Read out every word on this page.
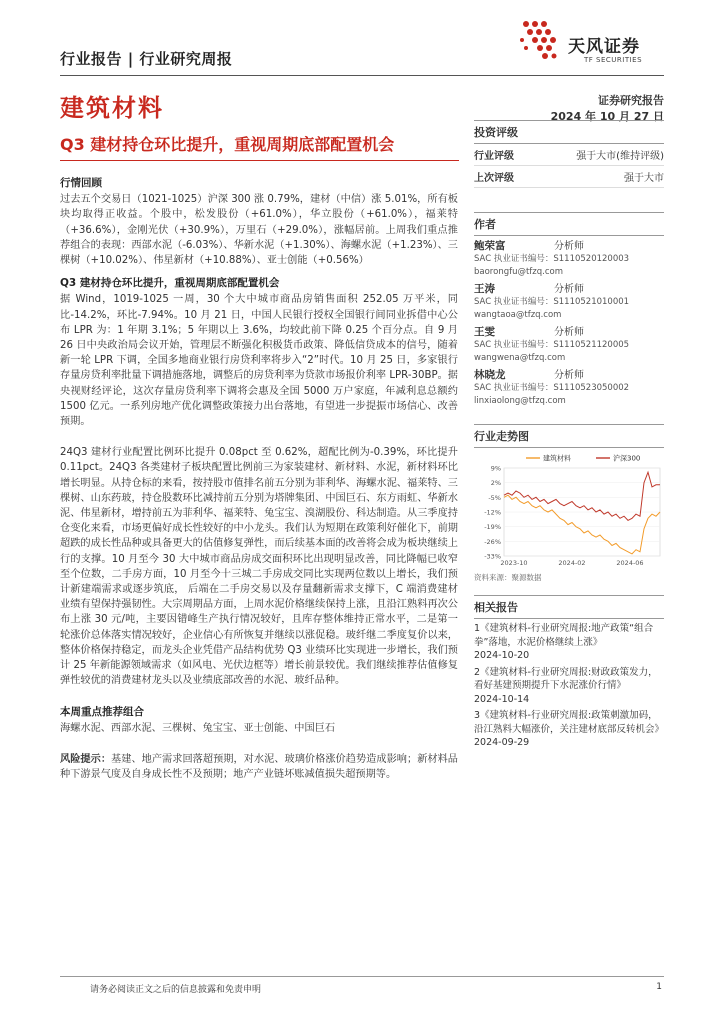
行业报告 | 行业研究周报
天风证券
TF SECURITIES
建筑材料	证券研究报告
2024 年 10 月 27 日
Q3 建材持仓环比提升，重视周期底部配置机会
行情回顾

过去五个交易日（1021-1025）沪深 300 涨 0.79%，建材（中信）涨 5.01%，所有板块均取得正收益。个股中，松发股份（+61.0%），华立股份（+61.0%），福莱特（+36.6%），金刚光伏（+30.9%），万里石（+29.0%），涨幅居前。上周我们重点推荐组合的表现：西部水泥（-6.03%）、华新水泥（+1.30%）、海螺水泥（+1.23%）、三棵树（+10.02%）、伟星新材（+10.88%）、亚士创能（+0.56%）

Q3 建材持仓环比提升，重视周期底部配置机会

据 Wind，1019-1025 一周，30 个大中城市商品房销售面积 252.05 万平米，同比-14.2%，环比-7.94%。10 月 21 日，中国人民银行授权全国银行间同业拆借中心公布 LPR 为：1 年期 3.1%；5 年期以上 3.6%，均较此前下降 0.25 个百分点。自 9 月 26 日中央政治局会议开始，管理层不断强化积极货币政策、降低信贷成本的信号，随着新一轮 LPR 下调，全国多地商业银行房贷利率将步入“2”时代。10 月 25 日，多家银行存量房贷利率批量下调措施落地，调整后的房贷利率为贷款市场报价利率 LPR-30BP。据央视财经评论，这次存量房贷利率下调将会惠及全国 5000 万户家庭，年减利息总额约 1500 亿元。一系列房地产优化调整政策接力出台落地，有望进一步提振市场信心、改善预期。

24Q3 建材行业配置比例环比提升 0.08pct 至 0.62%，超配比例为-0.39%，环比提升 0.11pct。24Q3 各类建材子板块配置比例前三为家装建材、新材料、水泥，新材料环比增长明显。从持仓标的来看，按持股市值排名前五分别为菲利华、海螺水泥、福莱特、三棵树、山东药玻，持仓股数环比减持前五分别为塔牌集团、中国巨石、东方雨虹、华新水泥、伟星新材，增持前五为菲利华、福莱特、兔宝宝、溴湖股份、科达制造。从三季度持仓变化来看，市场更偏好成长性较好的中小龙头。我们认为短期在政策利好催化下，前期超跌的成长性品种或具备更大的估值修复弹性，而后续基本面的改善将会成为板块继续上行的支撑。10 月至今 30 大中城市商品房成交面积环比出现明显改善，同比降幅已收窄至个位数，二手房方面，10 月至今十三城二手房成交同比实现两位数以上增长，我们预计新建端需求或逐步筑底， 后端在二手房交易以及存量翻新需求支撑下，C 端消费建材业绩有望保持强韧性。大宗周期品方面，上周水泥价格继续保持上涨，且沿江熟料再次公布上涨 30 元/吨，主要因错峰生产执行情况较好，且库存整体维持正常水平，二是第一轮涨价总体落实情况较好，企业信心有所恢复并继续以涨促稳。玻纤继二季度复价以来，整体价格保持稳定，而龙头企业凭借产品结构优势 Q3 业绩环比实现进一步增长，我们预计 25 年新能源领域需求（如风电、光伏边框等）增长前景较优。我们继续推荐估值修复弹性较优的消费建材龙头以及业绩底部改善的水泥、玻纤品种。

本周重点推荐组合

海螺水泥、西部水泥、三棵树、兔宝宝、亚士创能、中国巨石

风险提示：基建、地产需求回落超预期，对水泥、玻璃价格涨价趋势造成影响；新材料品种下游景气度及自身成长性不及预期；地产产业链坏账减值损失超预期等。

投资评级
行业评级	强于大市(维持评级)
上次评级	强于大市
作者
鲍荣富	分析师
SAC 执业证书编号：S1110520120003
baorongfu@tfzq.com
王涛	分析师
SAC 执业证书编号：S1110521010001
wangtaoa@tfzq.com
王雯	分析师
SAC 执业证书编号：S1110521120005
wangwena@tfzq.com
林晓龙	分析师
SAC 执业证书编号：S1110523050002
linxiaolong@tfzq.com
行业走势图
9%
2%
-5%
-12%
-19%
-26%
-33%
2023-10	2024-02	2024-06
建筑材料	沪深300
资料来源：聚源数据
相关报告
1《建筑材料-行业研究周报:地产政策“组合拳”落地，水泥价格继续上涨》
2024-10-20
2《建筑材料-行业研究周报:财政政策发力，看好基建预期提升下水泥涨价行情》
2024-10-14
3《建筑材料-行业研究周报:政策刺激加码，沿江熟料大幅涨价，关注建材底部反转机会》
2024-09-29
请务必阅读正文之后的信息披露和免责申明	1
